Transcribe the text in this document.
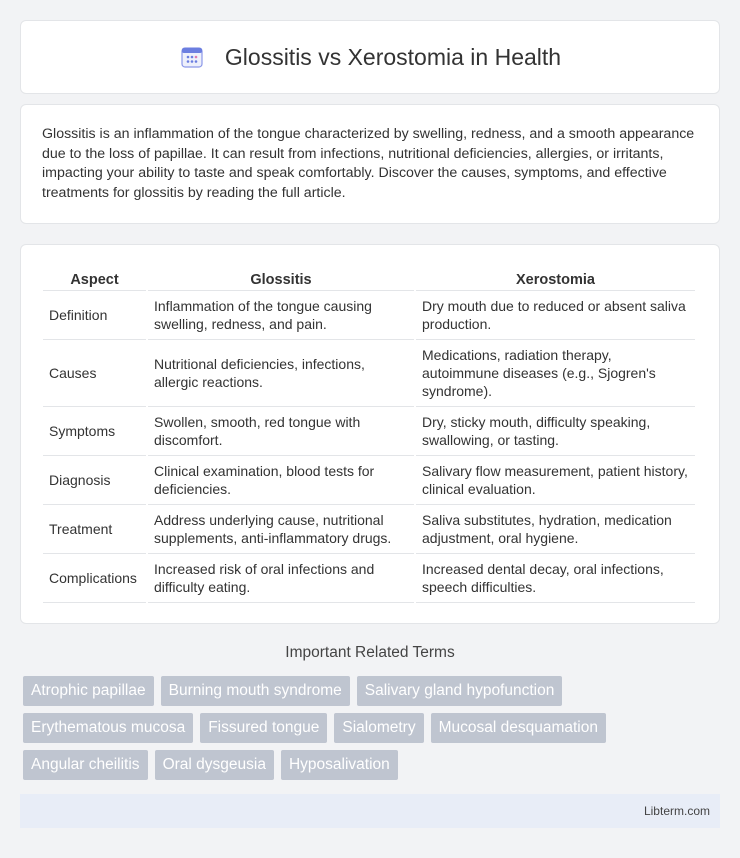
Glossitis vs Xerostomia in Health

Glossitis is an inflammation of the tongue characterized by swelling, redness, and a smooth appearance due to the loss of papillae. It can result from infections, nutritional deficiencies, allergies, or irritants, impacting your ability to taste and speak comfortably. Discover the causes, symptoms, and effective treatments for glossitis by reading the full article.

Aspect	Glossitis	Xerostomia
Definition	Inflammation of the tongue causing swelling, redness, and pain.	Dry mouth due to reduced or absent saliva production.
Causes	Nutritional deficiencies, infections, allergic reactions.	Medications, radiation therapy, autoimmune diseases (e.g., Sjogren's syndrome).
Symptoms	Swollen, smooth, red tongue with discomfort.	Dry, sticky mouth, difficulty speaking, swallowing, or tasting.
Diagnosis	Clinical examination, blood tests for deficiencies.	Salivary flow measurement, patient history, clinical evaluation.
Treatment	Address underlying cause, nutritional supplements, anti-inflammatory drugs.	Saliva substitutes, hydration, medication adjustment, oral hygiene.
Complications	Increased risk of oral infections and difficulty eating.	Increased dental decay, oral infections, speech difficulties.
Important Related Terms
Atrophic papillae	Burning mouth syndrome	Salivary gland hypofunction
Erythematous mucosa	Fissured tongue	Sialometry	Mucosal desquamation
Angular cheilitis	Oral dysgeusia	Hyposalivation
Libterm.com
